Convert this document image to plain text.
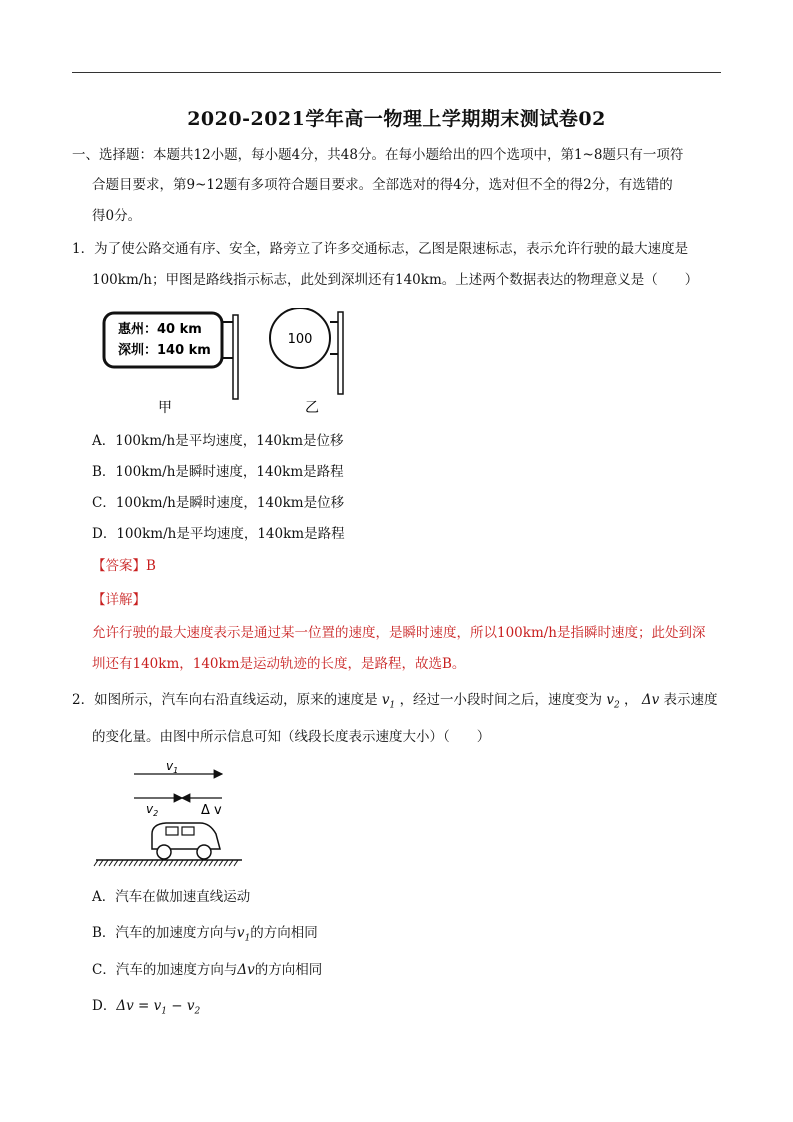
2020-2021学年高一物理上学期期末测试卷02
一、选择题：本题共12小题，每小题4分，共48分。在每小题给出的四个选项中，第1~8题只有一项符
合题目要求，第9~12题有多项符合题目要求。全部选对的得4分，选对但不全的得2分，有选错的
得0分。
1．为了使公路交通有序、安全，路旁立了许多交通标志，乙图是限速标志，表示允许行驶的最大速度是
100km/h；甲图是路线指示标志，此处到深圳还有140km。上述两个数据表达的物理意义是（　　）
惠州：40 km
深圳：140 km
100
甲	乙
A．100km/h是平均速度，140km是位移
B．100km/h是瞬时速度，140km是路程
C．100km/h是瞬时速度，140km是位移
D．100km/h是平均速度，140km是路程
【答案】B
【详解】
允许行驶的最大速度表示是通过某一位置的速度，是瞬时速度，所以100km/h是指瞬时速度；此处到深
圳还有140km，140km是运动轨迹的长度，是路程，故选B。
2．如图所示，汽车向右沿直线运动，原来的速度是 $v_1$ ，经过一小段时间之后，速度变为 $v_2$ ， Δv 表示速度
的变化量。由图中所示信息可知（线段长度表示速度大小）（　　）
$v_1$
$v_2$	Δ v
A．汽车在做加速直线运动
B．汽车的加速度方向与$v_1$的方向相同
C．汽车的加速度方向与Δv的方向相同
D．$\Delta v = v_1 - v_2$
